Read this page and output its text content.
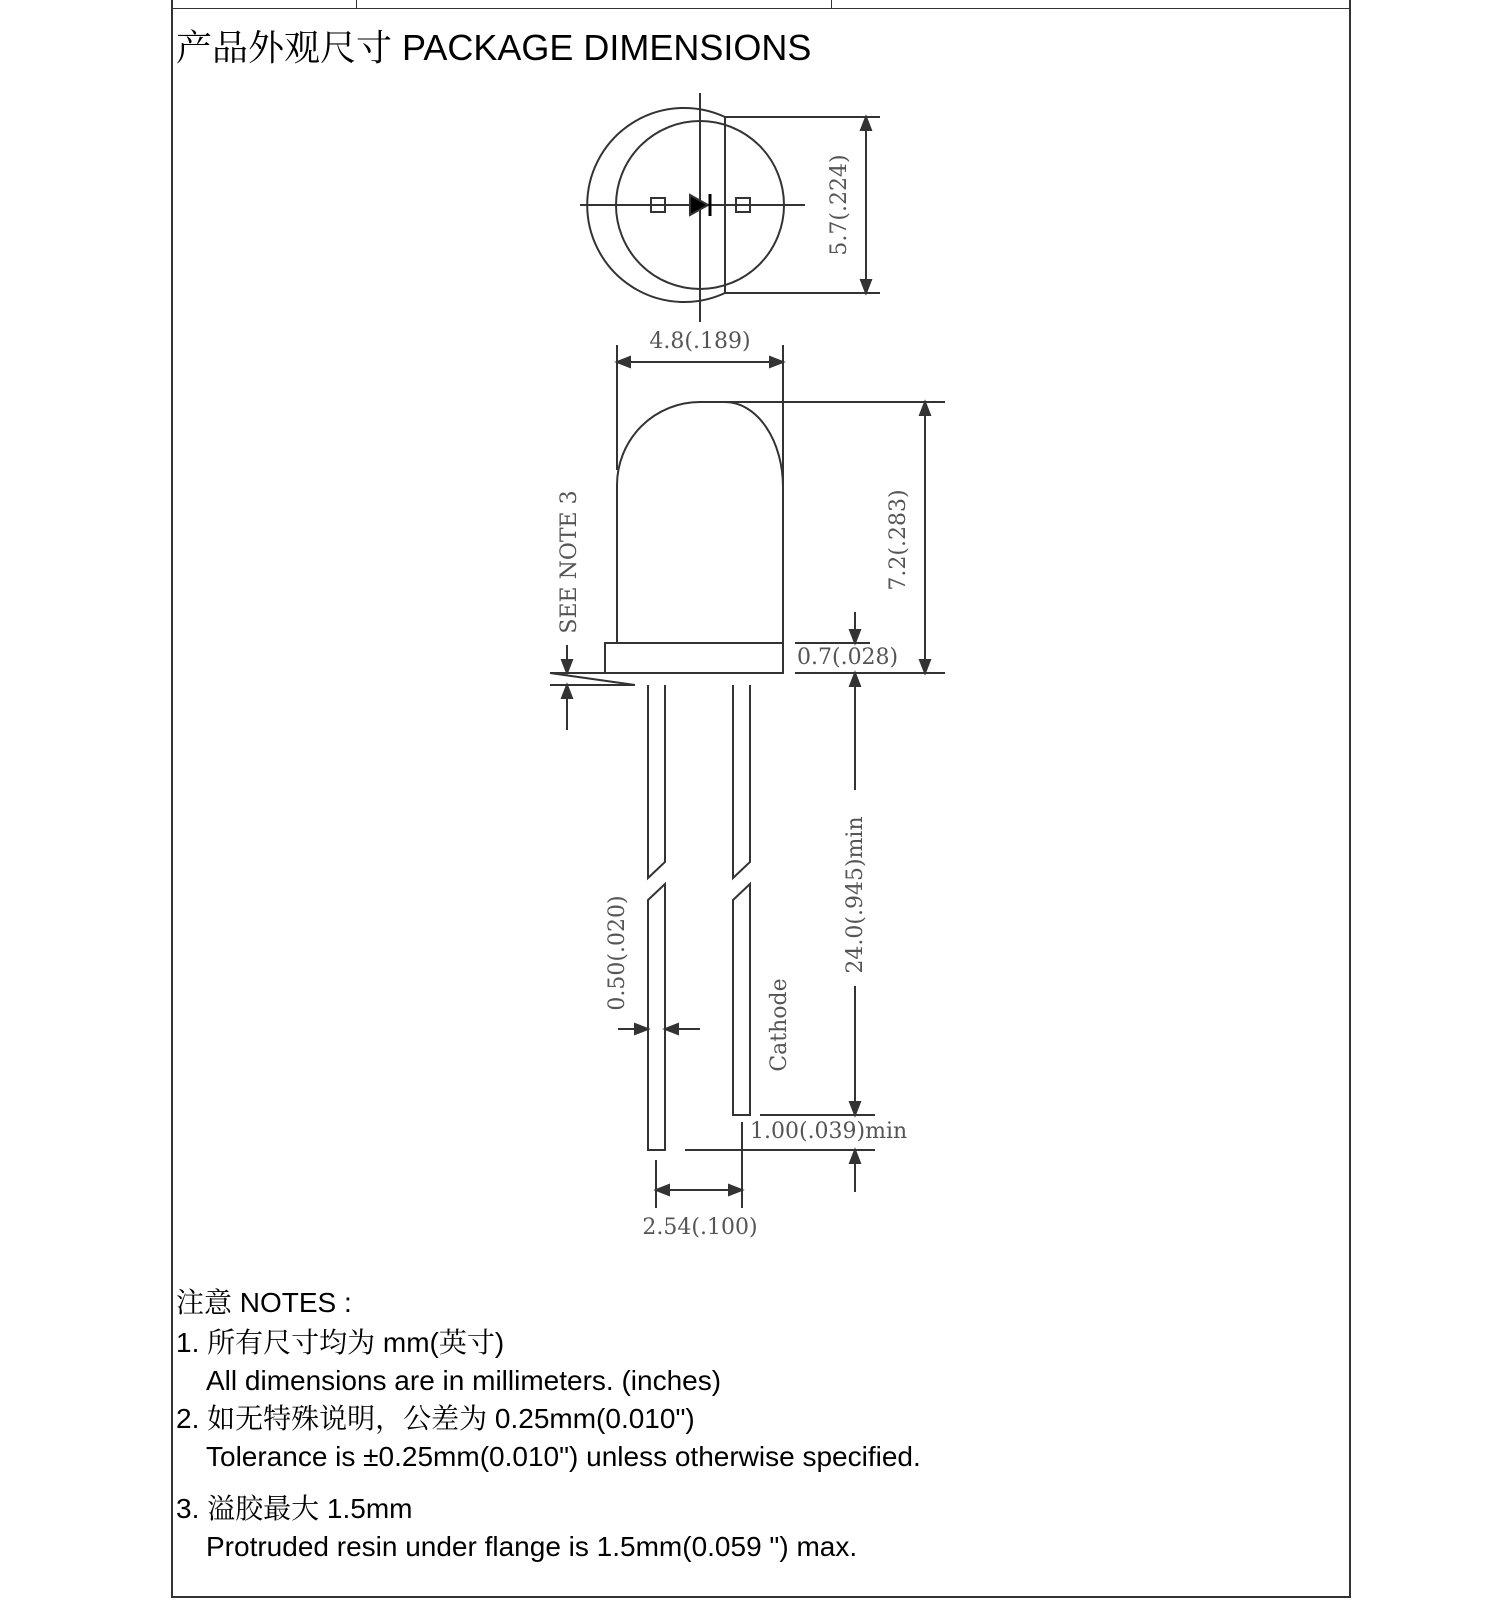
产品外观尺寸 PACKAGE DIMENSIONS
5.7(.224)
4.8(.189)
7.2(.283)
0.7(.028)
SEE NOTE 3
24.0(.945)min
0.50(.020)
Cathode
1.00(.039)min
2.54(.100)
注意 NOTES :
1. 所有尺寸均为 mm(英寸)
All dimensions are in millimeters. (inches)
2. 如无特殊说明，公差为 0.25mm(0.010")
Tolerance is ±0.25mm(0.010") unless otherwise specified.
3. 溢胶最大 1.5mm
Protruded resin under flange is 1.5mm(0.059 ") max.
